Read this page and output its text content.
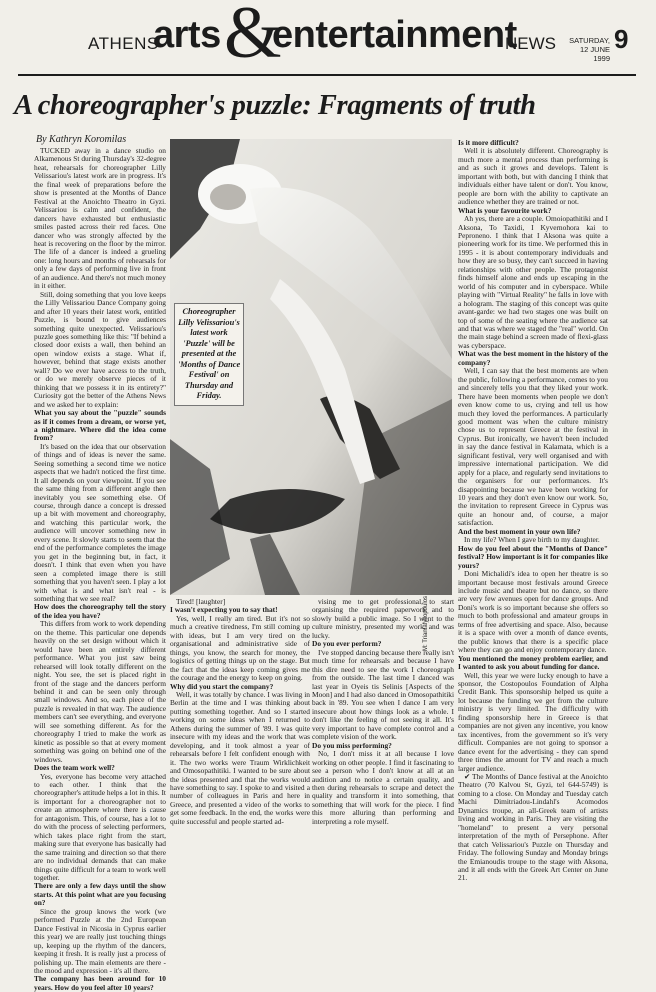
ATHENS
arts &
entertainment
NEWS	SATURDAY,
12 JUNE 1999
9
A choreographer's puzzle: Fragments of truth
By Kathryn Koromilas

TUCKED away in a dance studio on Alkamenous St during Thursday's 32-degree heat, rehearsals for choreographer Lilly Velissariou's latest work are in progress. It's the final week of preparations before the show is presented at the Months of Dance Festival at the Anoichto Theatro in Gyzi. Velissariou is calm and confident, the dancers have exhausted but enthusiastic smiles pasted across their red faces. One dancer who was strongly affected by the heat is recovering on the floor by the mirror. The life of a dancer is indeed a grueling one: long hours and months of rehearsals for only a few days of performing live in front of an audience. And there's not much money in it either.

Still, doing something that you love keeps the Lilly Velissariou Dance Company going and after 10 years their latest work, entitled Puzzle, is bound to give audiences something quite unexpected. Velissariou's puzzle goes something like this: "If behind a closed door exists a wall, then behind an open window exists a stage. What if, however, behind that stage exists another wall? Do we ever have access to the truth, or do we merely observe pieces of it thinking that we possess it in its entirety?" Curiosity got the better of the Athens News and we asked her to explain:

What you say about the "puzzle" sounds as if it comes from a dream, or worse yet, a nightmare. Where did the idea come from?

It's based on the idea that our observation of things and of ideas is never the same. Seeing something a second time we notice aspects that we hadn't noticed the first time. It all depends on your viewpoint. If you see the same thing from a different angle then inevitably you see something else. Of course, through dance a concept is dressed up a bit with movement and choreography, and watching this particular work, the audience will uncover something new in every scene. It slowly starts to seem that the end of the performance completes the image you get in the beginning but, in fact, it doesn't. I think that even when you have seen a completed image there is still something that you haven't seen. I play a lot with what is and what isn't real - is something that we see real?

How does the choreography tell the story of the idea you have?

This differs from work to work depending on the theme. This particular one depends heavily on the set design without which it would have been an entirely different performance. What you just saw being rehearsed will look totally different on the night. You see, the set is placed right in front of the stage and the dancers perform behind it and can be seen only through small windows. And so, each piece of the puzzle is revealed in that way. The audience members can't see everything, and everyone will see something different. As for the choreography I tried to make the work as kinetic as possible so that at every moment something was going on behind one of the windows.

Does the team work well?

Yes, everyone has become very attached to each other. I think that the choreographer's attitude helps a lot in this. It is important for a choreographer not to create an atmosphere where there is cause for antagonism. This, of course, has a lot to do with the process of selecting performers, which takes place right from the start, making sure that everyone has basically had the same training and direction so that there are no individual demands that can make things quite difficult for a team to work well together.

There are only a few days until the show starts. At this point what are you focusing on?

Since the group knows the work (we performed Puzzle at the 2nd European Dance Festival in Nicosia in Cyprus earlier this year) we are really just touching things up, keeping up the rhythm of the dancers, keeping it fresh. It is really just a process of polishing up. The main elements are there - the mood and expression - it's all there.

The company has been around for 10 years. How do you feel after 10 years?

M: Triantafyllopoulos
Choreographer Lilly Velissariou's latest work 'Puzzle' will be presented at the 'Months of Dance Festival' on Thursday and Friday.

Tired! [laughter]

I wasn't expecting you to say that!

Yes, well, I really am tired. But it's not so much a creative tiredness, I'm still coming up with ideas, but I am very tired on the organisational and administrative side of things, you know, the search for money, the logistics of getting things up on the stage. But the fact that the ideas keep coming gives me the courage and the energy to keep on going.

Why did you start the company?

Well, it was totally by chance. I was living in Berlin at the time and I was thinking about putting something together. And so I started working on some ideas when I returned to Athens during the summer of '89. I was quite insecure with my ideas and the work that was developing, and it took almost a year of rehearsals before I felt confident enough with it. The two works were Traum Wirklichkeit and Omosopathitiki. I wanted to be sure about the ideas presented and that the works would have something to say. I spoke to and visited a number of colleagues in Paris and here in Greece, and presented a video of the works to get some feedback. In the end, the works were quite successful and people started ad-

vising me to get professional, to start organising the required paperwork and to slowly build a public image. So I went to the culture ministry, presented my work, and was lucky.

Do you ever perform?

I've stopped dancing because there really isn't much time for rehearsals and because I have this dire need to see the work I choreograph from the outside. The last time I danced was last year in Oyeis tis Selinis [Aspects of the Moon] and I had also danced in Omosopathitiki back in '89. You see when I dance I am very insecure about how things look as a whole. I don't like the feeling of not seeing it all. It's very important to have complete control and a complete vision of the work.

Do you miss performing?

No, I don't miss it at all because I love working on other people. I find it fascinating to see a person who I don't know at all at an audition and to notice a certain quality, and then during rehearsals to scrape and detect the quality and transform it into something, that something that will work for the piece. I find this more alluring than performing and interpreting a role myself.

Is it more difficult?

Well it is absolutely different. Choreography is much more a mental process than performing is and as such it grows and develops. Talent is important with both, but with dancing I think that individuals either have talent or don't. You know, people are born with the ability to captivate an audience whether they are trained or not.

What is your favourite work?

Ah yes, there are a couple. Omoiopathitiki and I Aksona, To Taxidi, I Kyvernohora kai to Peproneno. I think that I Aksona was quite a pioneering work for its time. We performed this in 1995 - it is about contemporary individuals and how they are so busy, they can't succeed in having relationships with other people. The protagonist finds himself alone and ends up escaping in the world of his computer and in cyberspace. While playing with "Virtual Reality" he falls in love with a hologram. The staging of this concept was quite avant-garde: we had two stages one was built on top of some of the seating where the audience sat and that was where we staged the "real" world. On the main stage behind a screen made of flexi-glass was cyberspace.

What was the best moment in the history of the company?

Well, I can say that the best moments are when the public, following a performance, comes to you and sincerely tells you that they liked your work. There have been moments when people we don't even know come to us, crying and tell us how much they loved the performances. A particularly good moment was when the culture ministry chose us to represent Greece at the festival in Cyprus. But ironically, we haven't been included in say the dance festival in Kalamata, which is a significant festival, very well organised and with impressive international participation. We did apply for a place, and regularly send invitations to the organisers for our performances. It's disappointing because we have been working for 10 years and they don't even know our work. So, the invitation to represent Greece in Cyprus was quite an honour and, of course, a major satisfaction.

And the best moment in your own life?

In my life? When I gave birth to my daughter.

How do you feel about the "Months of Dance" festival? How important is it for companies like yours?

Doni Michalidi's idea to open her theatre is so important because most festivals around Greece include music and theatre but no dance, so there are very few avenues open for dance groups. And Doni's work is so important because she offers so much to both professional and amateur groups in terms of free advertising and space. Also, because it is a space with over a month of dance events, the public knows that there is a specific place where they can go and enjoy contemporary dance.

You mentioned the money problem earlier, and I wanted to ask you about funding for dance.

Well, this year we were lucky enough to have a sponsor, the Costopoulos Foundation of Alpha Credit Bank. This sponsorship helped us quite a lot because the funding we get from the culture ministry is very limited. The difficulty with finding sponsorship here in Greece is that companies are not given any incentive, you know tax incentives, from the government so it's very difficult. Companies are not going to sponsor a dance event for the advertising - they can spend three times the amount for TV and reach a much larger audience.

✔ The Months of Dance festival at the Anoichto Theatro (70 Kalvou St, Gyzi, tel 644-5749) is coming to a close. On Monday and Tuesday catch Machi Dimitriadou-Lindahl's Acomodos Dynamics troupe, an all-Greek team of artists living and working in Paris. They are visiting the "homeland" to present a very personal interpretation of the myth of Persephone. After that catch Velissariou's Puzzle on Thursday and Friday. The following Sunday and Monday brings the Emianoudis troupe to the stage with Aksona, and it all ends with the Greek Art Center on June 21.
